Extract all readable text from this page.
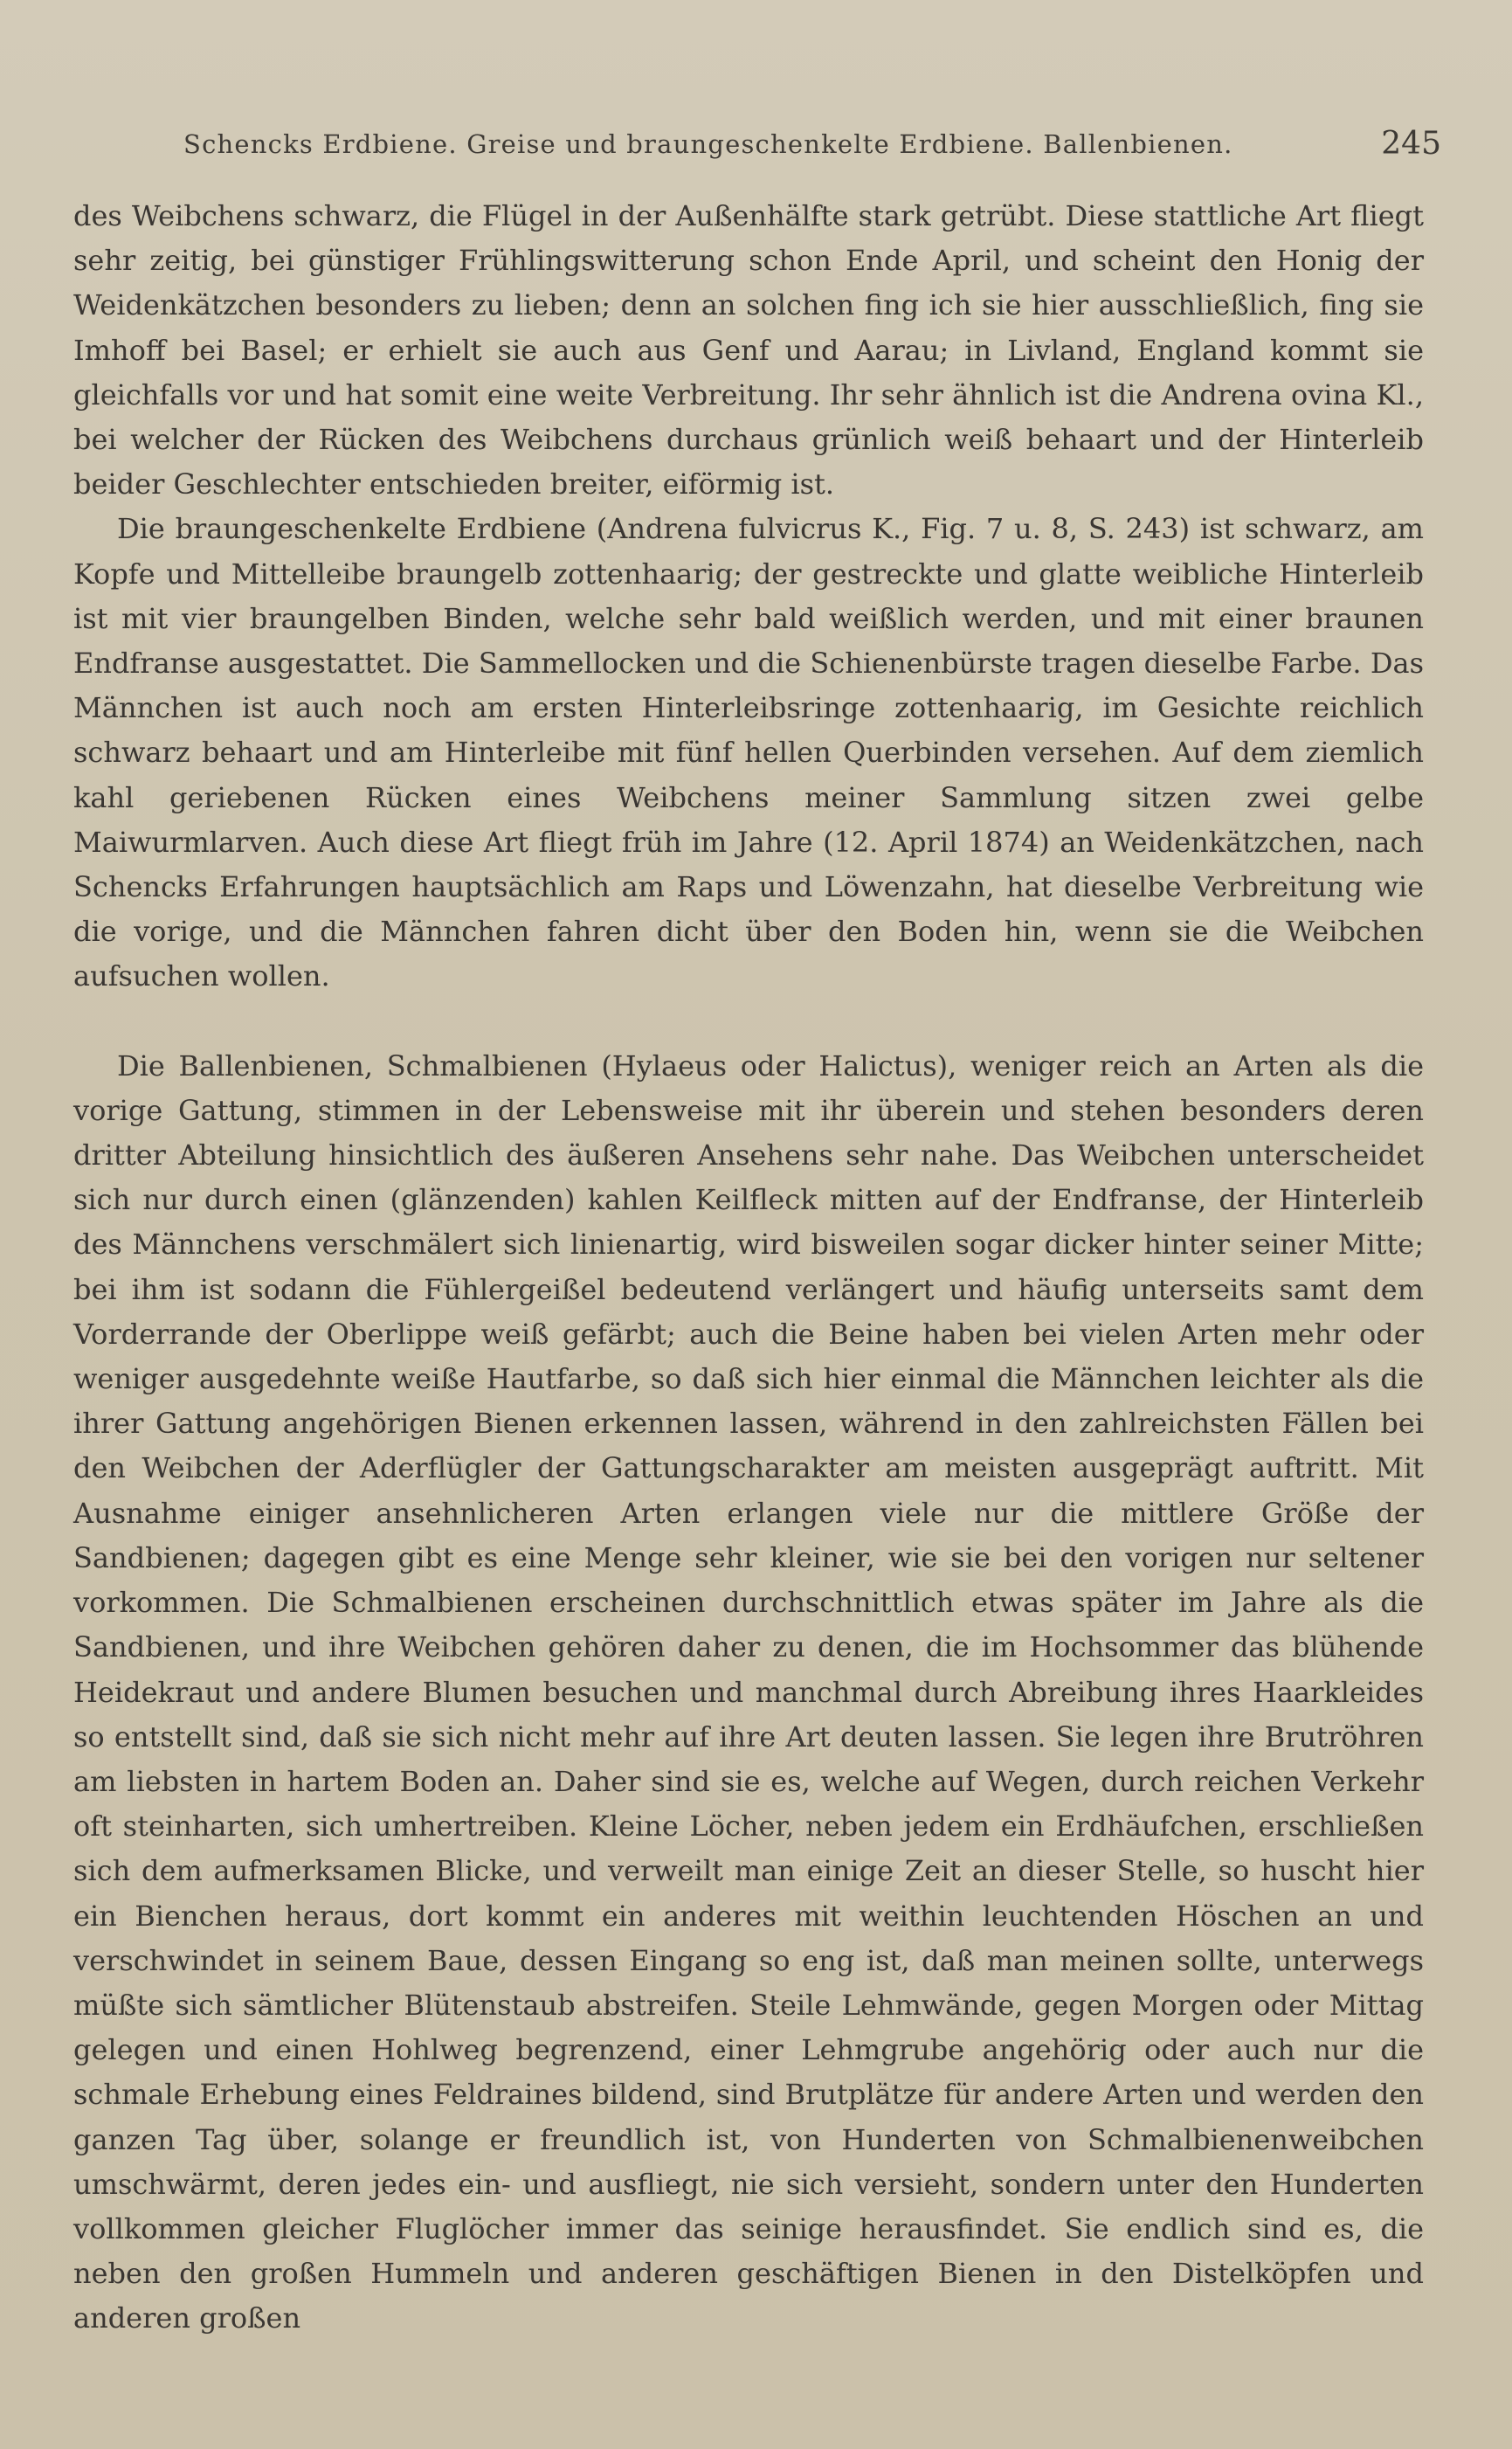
Schencks Erdbiene. Greise und braungeschenkelte Erdbiene. Ballenbienen.	245

des Weibchens schwarz, die Flügel in der Außenhälfte stark getrübt. Diese stattliche Art fliegt sehr zeitig, bei günstiger Frühlingswitterung schon Ende April, und scheint den Honig der Weidenkätzchen besonders zu lieben; denn an solchen fing ich sie hier ausschließlich, fing sie Imhoff bei Basel; er erhielt sie auch aus Genf und Aarau; in Livland, England kommt sie gleichfalls vor und hat somit eine weite Verbreitung. Ihr sehr ähnlich ist die Andrena ovina Kl., bei welcher der Rücken des Weibchens durchaus grünlich weiß behaart und der Hinterleib beider Geschlechter entschieden breiter, eiförmig ist.

Die braungeschenkelte Erdbiene (Andrena fulvicrus K., Fig. 7 u. 8, S. 243) ist schwarz, am Kopfe und Mittelleibe braungelb zottenhaarig; der gestreckte und glatte weibliche Hinterleib ist mit vier braungelben Binden, welche sehr bald weißlich werden, und mit einer braunen Endfranse ausgestattet. Die Sammellocken und die Schienenbürste tragen dieselbe Farbe. Das Männchen ist auch noch am ersten Hinterleibsringe zottenhaarig, im Gesichte reichlich schwarz behaart und am Hinterleibe mit fünf hellen Querbinden versehen. Auf dem ziemlich kahl geriebenen Rücken eines Weibchens meiner Sammlung sitzen zwei gelbe Maiwurmlarven. Auch diese Art fliegt früh im Jahre (12. April 1874) an Weidenkätzchen, nach Schencks Erfahrungen hauptsächlich am Raps und Löwenzahn, hat dieselbe Verbreitung wie die vorige, und die Männchen fahren dicht über den Boden hin, wenn sie die Weibchen aufsuchen wollen.

Die Ballenbienen, Schmalbienen (Hylaeus oder Halictus), weniger reich an Arten als die vorige Gattung, stimmen in der Lebensweise mit ihr überein und stehen besonders deren dritter Abteilung hinsichtlich des äußeren Ansehens sehr nahe. Das Weibchen unterscheidet sich nur durch einen (glänzenden) kahlen Keilfleck mitten auf der Endfranse, der Hinterleib des Männchens verschmälert sich linienartig, wird bisweilen sogar dicker hinter seiner Mitte; bei ihm ist sodann die Fühlergeißel bedeutend verlängert und häufig unterseits samt dem Vorderrande der Oberlippe weiß gefärbt; auch die Beine haben bei vielen Arten mehr oder weniger ausgedehnte weiße Hautfarbe, so daß sich hier einmal die Männchen leichter als die ihrer Gattung angehörigen Bienen erkennen lassen, während in den zahlreichsten Fällen bei den Weibchen der Aderflügler der Gattungscharakter am meisten ausgeprägt auftritt. Mit Ausnahme einiger ansehnlicheren Arten erlangen viele nur die mittlere Größe der Sandbienen; dagegen gibt es eine Menge sehr kleiner, wie sie bei den vorigen nur seltener vorkommen. Die Schmalbienen erscheinen durchschnittlich etwas später im Jahre als die Sandbienen, und ihre Weibchen gehören daher zu denen, die im Hochsommer das blühende Heidekraut und andere Blumen besuchen und manchmal durch Abreibung ihres Haarkleides so entstellt sind, daß sie sich nicht mehr auf ihre Art deuten lassen. Sie legen ihre Brutröhren am liebsten in hartem Boden an. Daher sind sie es, welche auf Wegen, durch reichen Verkehr oft steinharten, sich umhertreiben. Kleine Löcher, neben jedem ein Erdhäufchen, erschließen sich dem aufmerksamen Blicke, und verweilt man einige Zeit an dieser Stelle, so huscht hier ein Bienchen heraus, dort kommt ein anderes mit weithin leuchtenden Höschen an und verschwindet in seinem Baue, dessen Eingang so eng ist, daß man meinen sollte, unterwegs müßte sich sämtlicher Blütenstaub abstreifen. Steile Lehmwände, gegen Morgen oder Mittag gelegen und einen Hohlweg begrenzend, einer Lehmgrube angehörig oder auch nur die schmale Erhebung eines Feldraines bildend, sind Brutplätze für andere Arten und werden den ganzen Tag über, solange er freundlich ist, von Hunderten von Schmalbienenweibchen umschwärmt, deren jedes ein- und ausfliegt, nie sich versieht, sondern unter den Hunderten vollkommen gleicher Fluglöcher immer das seinige herausfindet. Sie endlich sind es, die neben den großen Hummeln und anderen geschäftigen Bienen in den Distelköpfen und anderen großen
